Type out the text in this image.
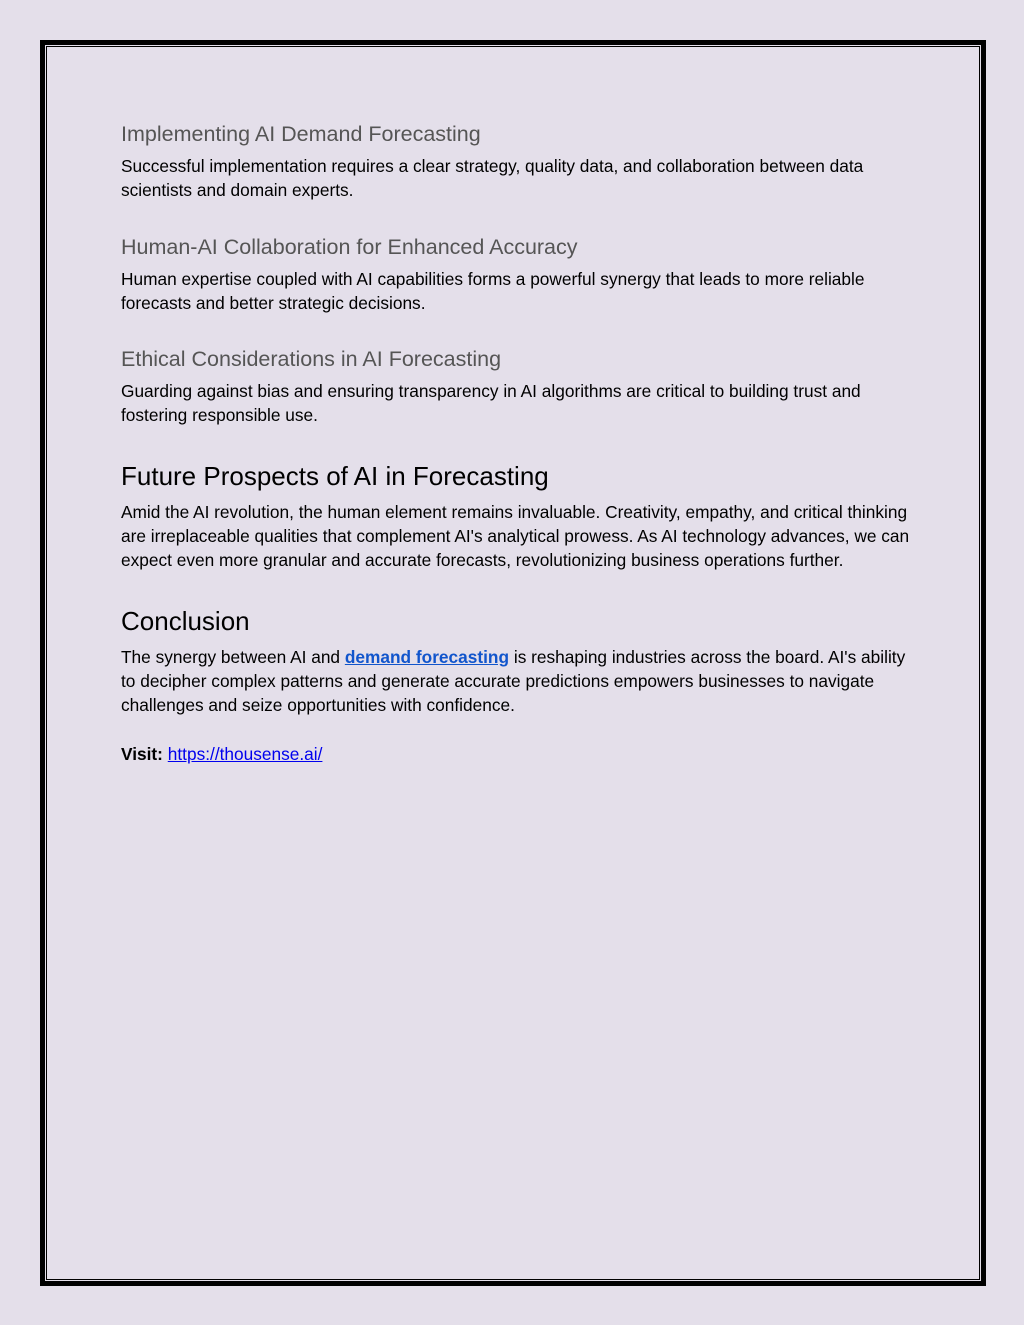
Implementing AI Demand Forecasting

Successful implementation requires a clear strategy, quality data, and collaboration between data scientists and domain experts.

Human-AI Collaboration for Enhanced Accuracy

Human expertise coupled with AI capabilities forms a powerful synergy that leads to more reliable forecasts and better strategic decisions.

Ethical Considerations in AI Forecasting

Guarding against bias and ensuring transparency in AI algorithms are critical to building trust and fostering responsible use.

Future Prospects of AI in Forecasting

Amid the AI revolution, the human element remains invaluable. Creativity, empathy, and critical thinking are irreplaceable qualities that complement AI's analytical prowess. As AI technology advances, we can expect even more granular and accurate forecasts, revolutionizing business operations further.

Conclusion

The synergy between AI and demand forecasting is reshaping industries across the board. AI's ability to decipher complex patterns and generate accurate predictions empowers businesses to navigate challenges and seize opportunities with confidence.

Visit: https://thousense.ai/
